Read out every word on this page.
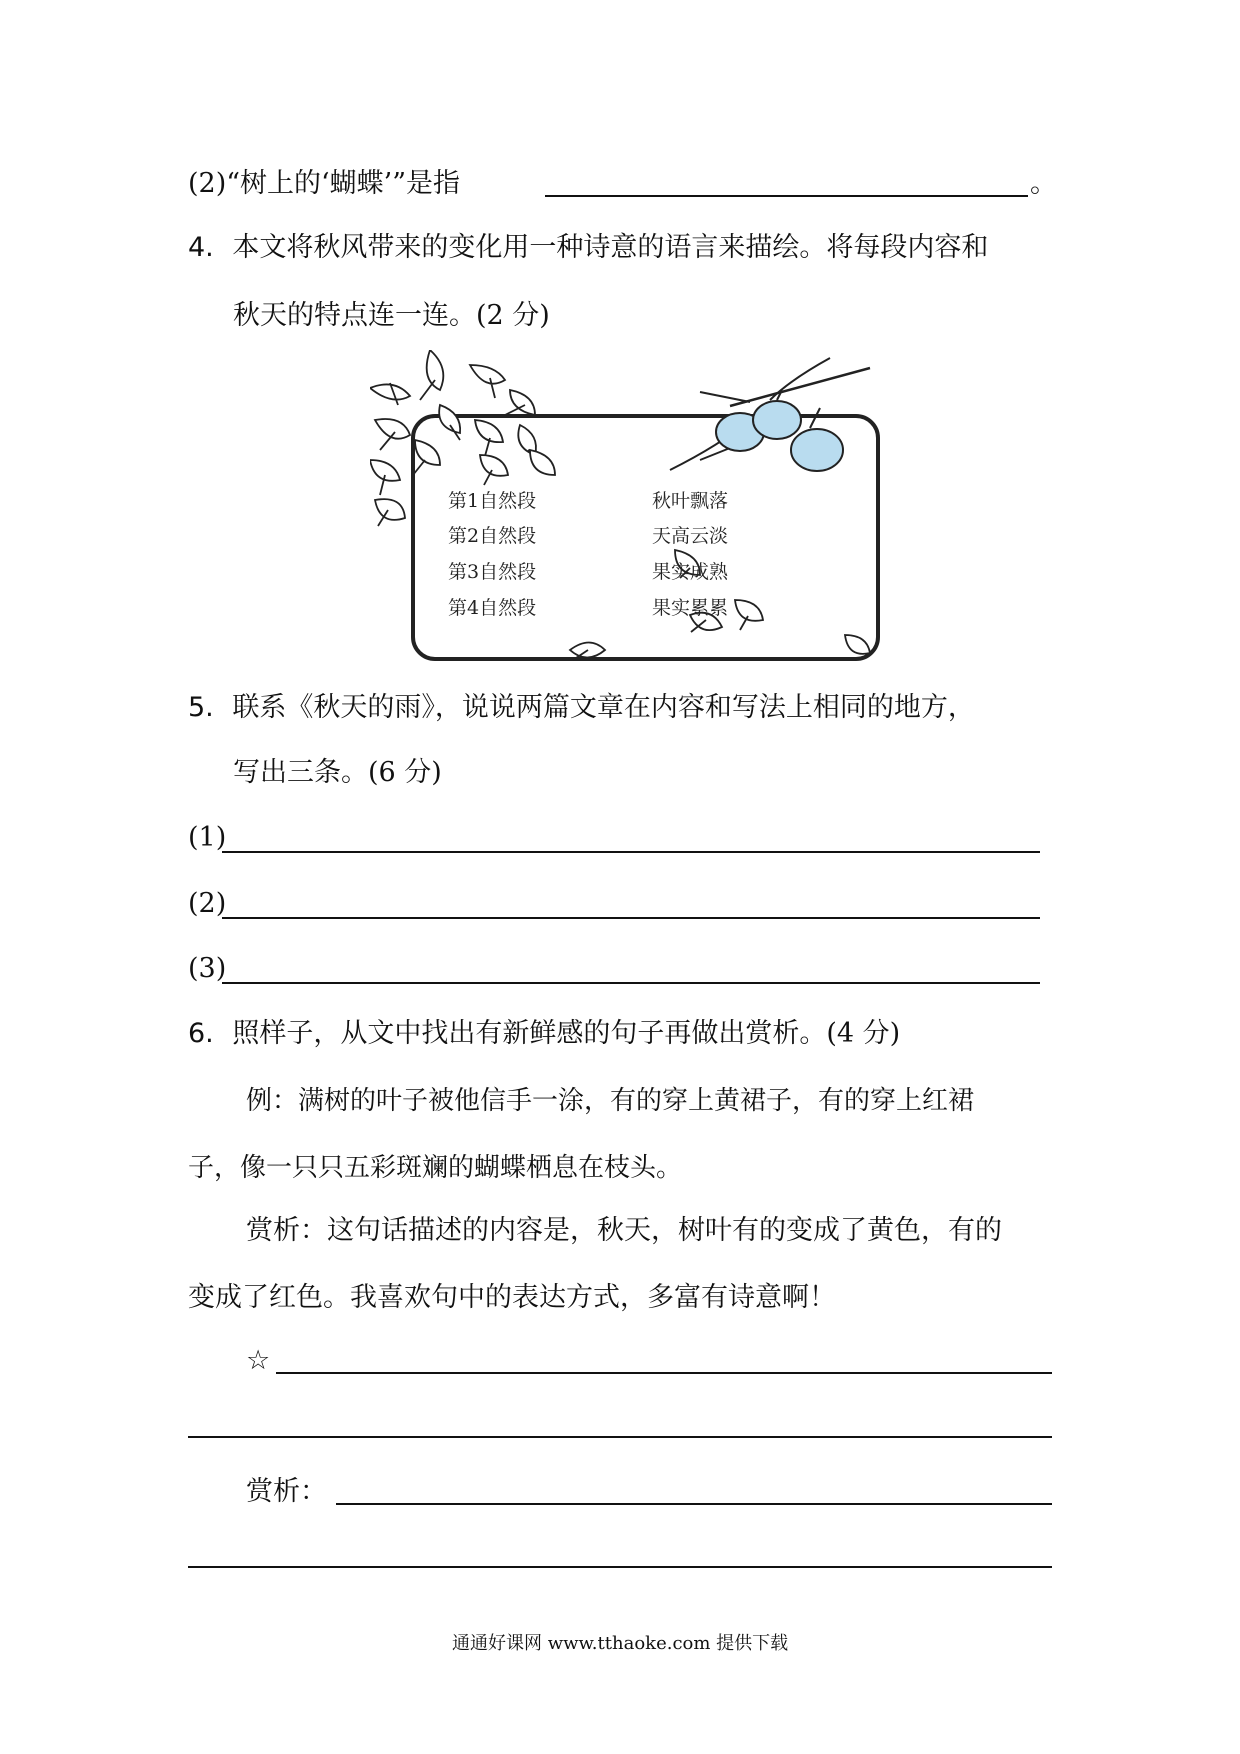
(2)“树上的‘蝴蝶’”是指	。
4. 本文将秋风带来的变化用一种诗意的语言来描绘。将每段内容和
秋天的特点连一连。(2 分)
第1自然段
第2自然段
第3自然段
第4自然段
秋叶飘落
天高云淡
果实成熟
果实累累
5. 联系《秋天的雨》，说说两篇文章在内容和写法上相同的地方，
写出三条。(6 分)
(1)
(2)
(3)
6. 照样子，从文中找出有新鲜感的句子再做出赏析。(4 分)
例：满树的叶子被他信手一涂，有的穿上黄裙子，有的穿上红裙
子，像一只只五彩斑斓的蝴蝶栖息在枝头。
赏析：这句话描述的内容是，秋天，树叶有的变成了黄色，有的
变成了红色。我喜欢句中的表达方式，多富有诗意啊！
☆
赏析：
通通好课网 www.tthaoke.com 提供下载
